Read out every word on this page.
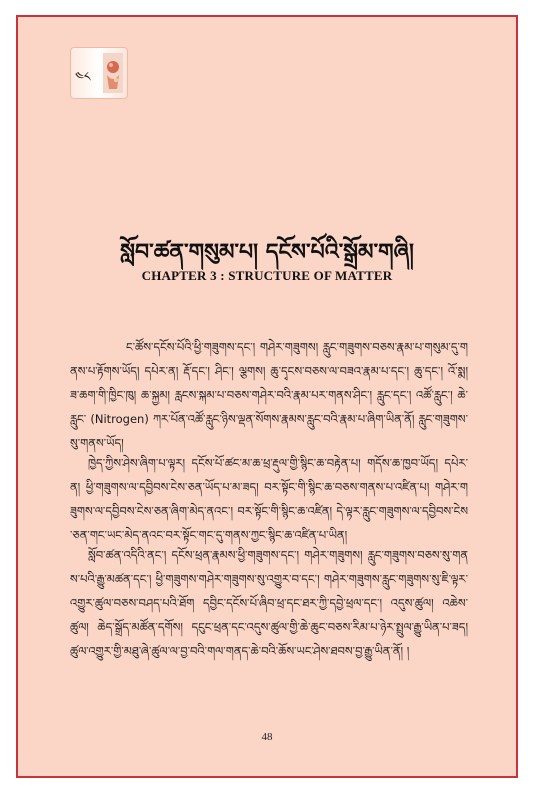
༤༨
སློབ་ཚན་གསུམ་པ། དངོས་པོའི་སྒྲོམ་གཞི།
CHAPTER 3 : STRUCTURE OF MATTER

ང་ཚོས་དངོས་པོའི་ཕྱི་གཟུགས་དང་། གཤེར་གཟུགས། རླུང་གཟུགས་བཅས་རྣམ་པ་གསུམ་དུ་གནས་པ་རྟོགས་ཡོད། དཔེར་ན། རྡོ་དང་། ཤིང་། ལྕགས། ཆུ་དྭངས་བཅས་ལ་བཟའ་རྣམ་པ་དང་། ཆུ་དང་། འོ་སྨ། ཟ་ཆག་གི་ཁྱིང་ཁུ། ཆ་སྐྱམ། རླངས་སྐམ་པ་བཅས་གཤེར་བའི་རྣམ་པར་གནས་ཤིང་། རླུང་དང་། འཚོ་རླུང་། ཆེ་རླུང་ (Nitrogen) ཀར་པོན་འཚོ་རླུང་ཉིས་ལྡན་སོགས་རྣམས་རླུང་བའི་རྣམ་པ་ཞིག་ཡིན་ནོ། རླུང་གཟུགས་སུ་གནས་ཡོད།

ཁྱེད་ཀྱིས་ཤེས་ཞིག་པ་ལྟར། དངོས་པོ་ཚང་མ་ཆ་ཕྲ་རྡུལ་གྱི་སྙིང་ཆ་བརྟེན་པ། གདོས་ཆ་ཁྱབ་ཡོད། དཔེར་ན། ཕྱི་གཟུགས་ལ་དབྱིབས་ངེས་ཅན་ཡོད་པ་མ་ཟད། བར་སྟོང་གི་སྙིང་ཆ་བཅས་གནས་པ་འཛིན་པ། གཤེར་གཟུགས་ལ་དབྱིབས་ངེས་ཅན་ཞིག་མེད་ནའང་། བར་སྟོང་གི་སྙིང་ཆ་འཛིན། དེ་ལྟར་རླུང་གཟུགས་ལ་དབྱིབས་ངེས་ཅན་གང་ཡང་མེད་ནའང་བར་སྟོང་གང་དུ་གནས་ཀྱང་སྙིང་ཆ་འཛིན་པ་ཡིན།

སློབ་ཚན་འདིའི་ནང་། དངོས་ཕྲན་རྣམས་ཕྱི་གཟུགས་དང་། གཤེར་གཟུགས། རླུང་གཟུགས་བཅས་སུ་གནས་པའི་རྒྱུ་མཚན་དང་། ཕྱི་གཟུགས་གཤེར་གཟུགས་སུ་འགྱུར་བ་དང་། གཤེར་གཟུགས་རླུང་གཟུགས་སུ་ཇི་ལྟར་འགྱུར་ཚུལ་བཅས་བཤད་པའི་ཐོག དབྱིང་དངོས་པོ་ཞིབ་ཕྲ་དང་ཐར་ཀྱི་དབྱེ་ཕྲལ་དང་། འདུས་ཚུལ། འཆེས་ཚུལ། ཆེད་སྒྲོད་མཚོན་དགོས། དངུང་ཕྲན་དང་འདུས་ཚུལ་གྱི་ཆེ་ཆུང་བཅས་རིམ་པ་ཉེར་སྤྲུལ་རྒྱུ་ཡིན་པ་ཟད། ཚུལ་འགྱུར་གྱི་མཐུ་ཞེ་ཚུལ་ལ་བྱ་བའི་གལ་གནད་ཆེ་བའི་ཆོས་ཡང་ཤེས་ཐབས་བྱ་རྒྱུ་ཡིན་ནོ། །

48
